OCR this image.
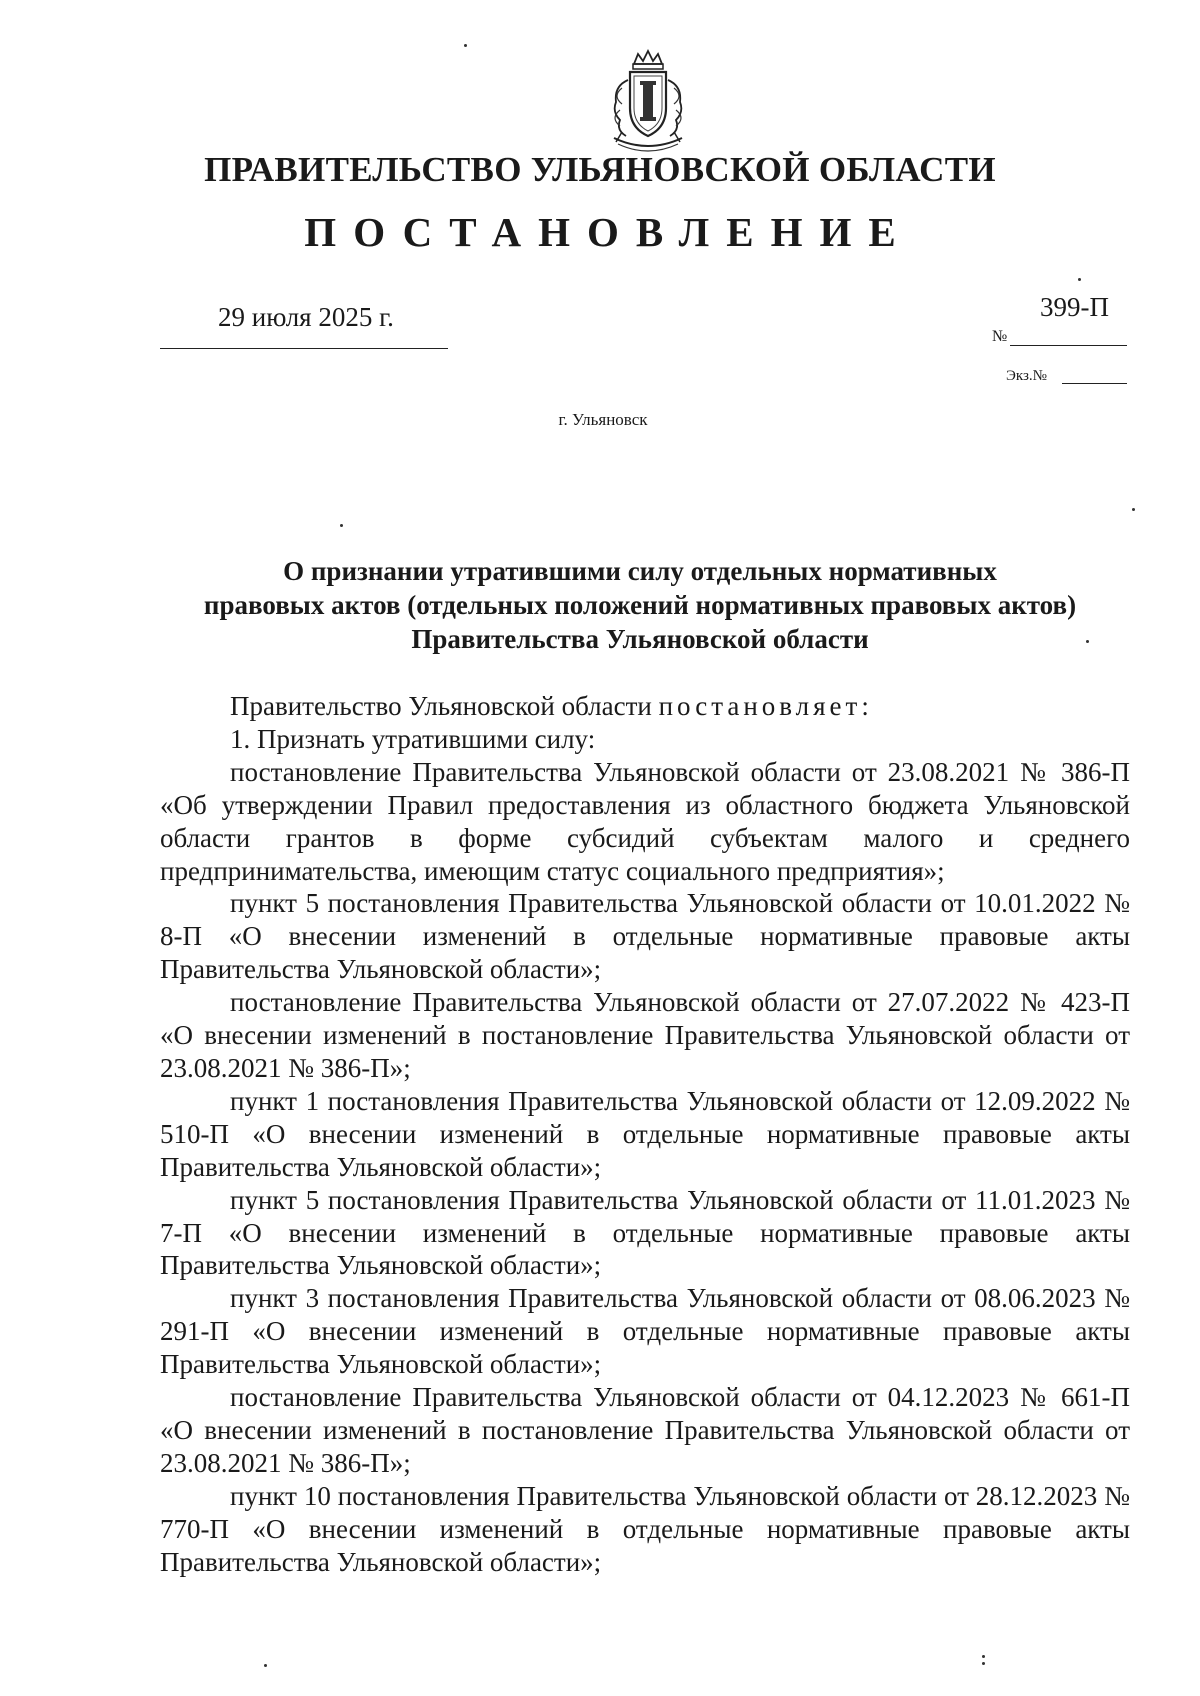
ПРАВИТЕЛЬСТВО УЛЬЯНОВСКОЙ ОБЛАСТИ
ПОСТАНОВЛЕНИЕ
29 июля 2025 г.	399-П
№
Экз.№
г. Ульяновск
О признании утратившими силу отдельных нормативных
правовых актов (отдельных положений нормативных правовых актов)
Правительства Ульяновской области

Правительство Ульяновской области постановляет:

1. Признать утратившими силу:

постановление Правительства Ульяновской области от 23.08.2021 № 386-П «Об утверждении Правил предоставления из областного бюджета Ульяновской области грантов в форме субсидий субъектам малого и среднего предпринимательства, имеющим статус социального предприятия»;

пункт 5 постановления Правительства Ульяновской области от 10.01.2022 № 8-П «О внесении изменений в отдельные нормативные правовые акты Правительства Ульяновской области»;

постановление Правительства Ульяновской области от 27.07.2022 № 423-П «О внесении изменений в постановление Правительства Ульяновской области от 23.08.2021 № 386-П»;

пункт 1 постановления Правительства Ульяновской области от 12.09.2022 № 510-П «О внесении изменений в отдельные нормативные правовые акты Правительства Ульяновской области»;

пункт 5 постановления Правительства Ульяновской области от 11.01.2023 № 7-П «О внесении изменений в отдельные нормативные правовые акты Правительства Ульяновской области»;

пункт 3 постановления Правительства Ульяновской области от 08.06.2023 № 291-П «О внесении изменений в отдельные нормативные правовые акты Правительства Ульяновской области»;

постановление Правительства Ульяновской области от 04.12.2023 № 661-П «О внесении изменений в постановление Правительства Ульяновской области от 23.08.2021 № 386-П»;

пункт 10 постановления Правительства Ульяновской области от 28.12.2023 № 770-П «О внесении изменений в отдельные нормативные правовые акты Правительства Ульяновской области»;
